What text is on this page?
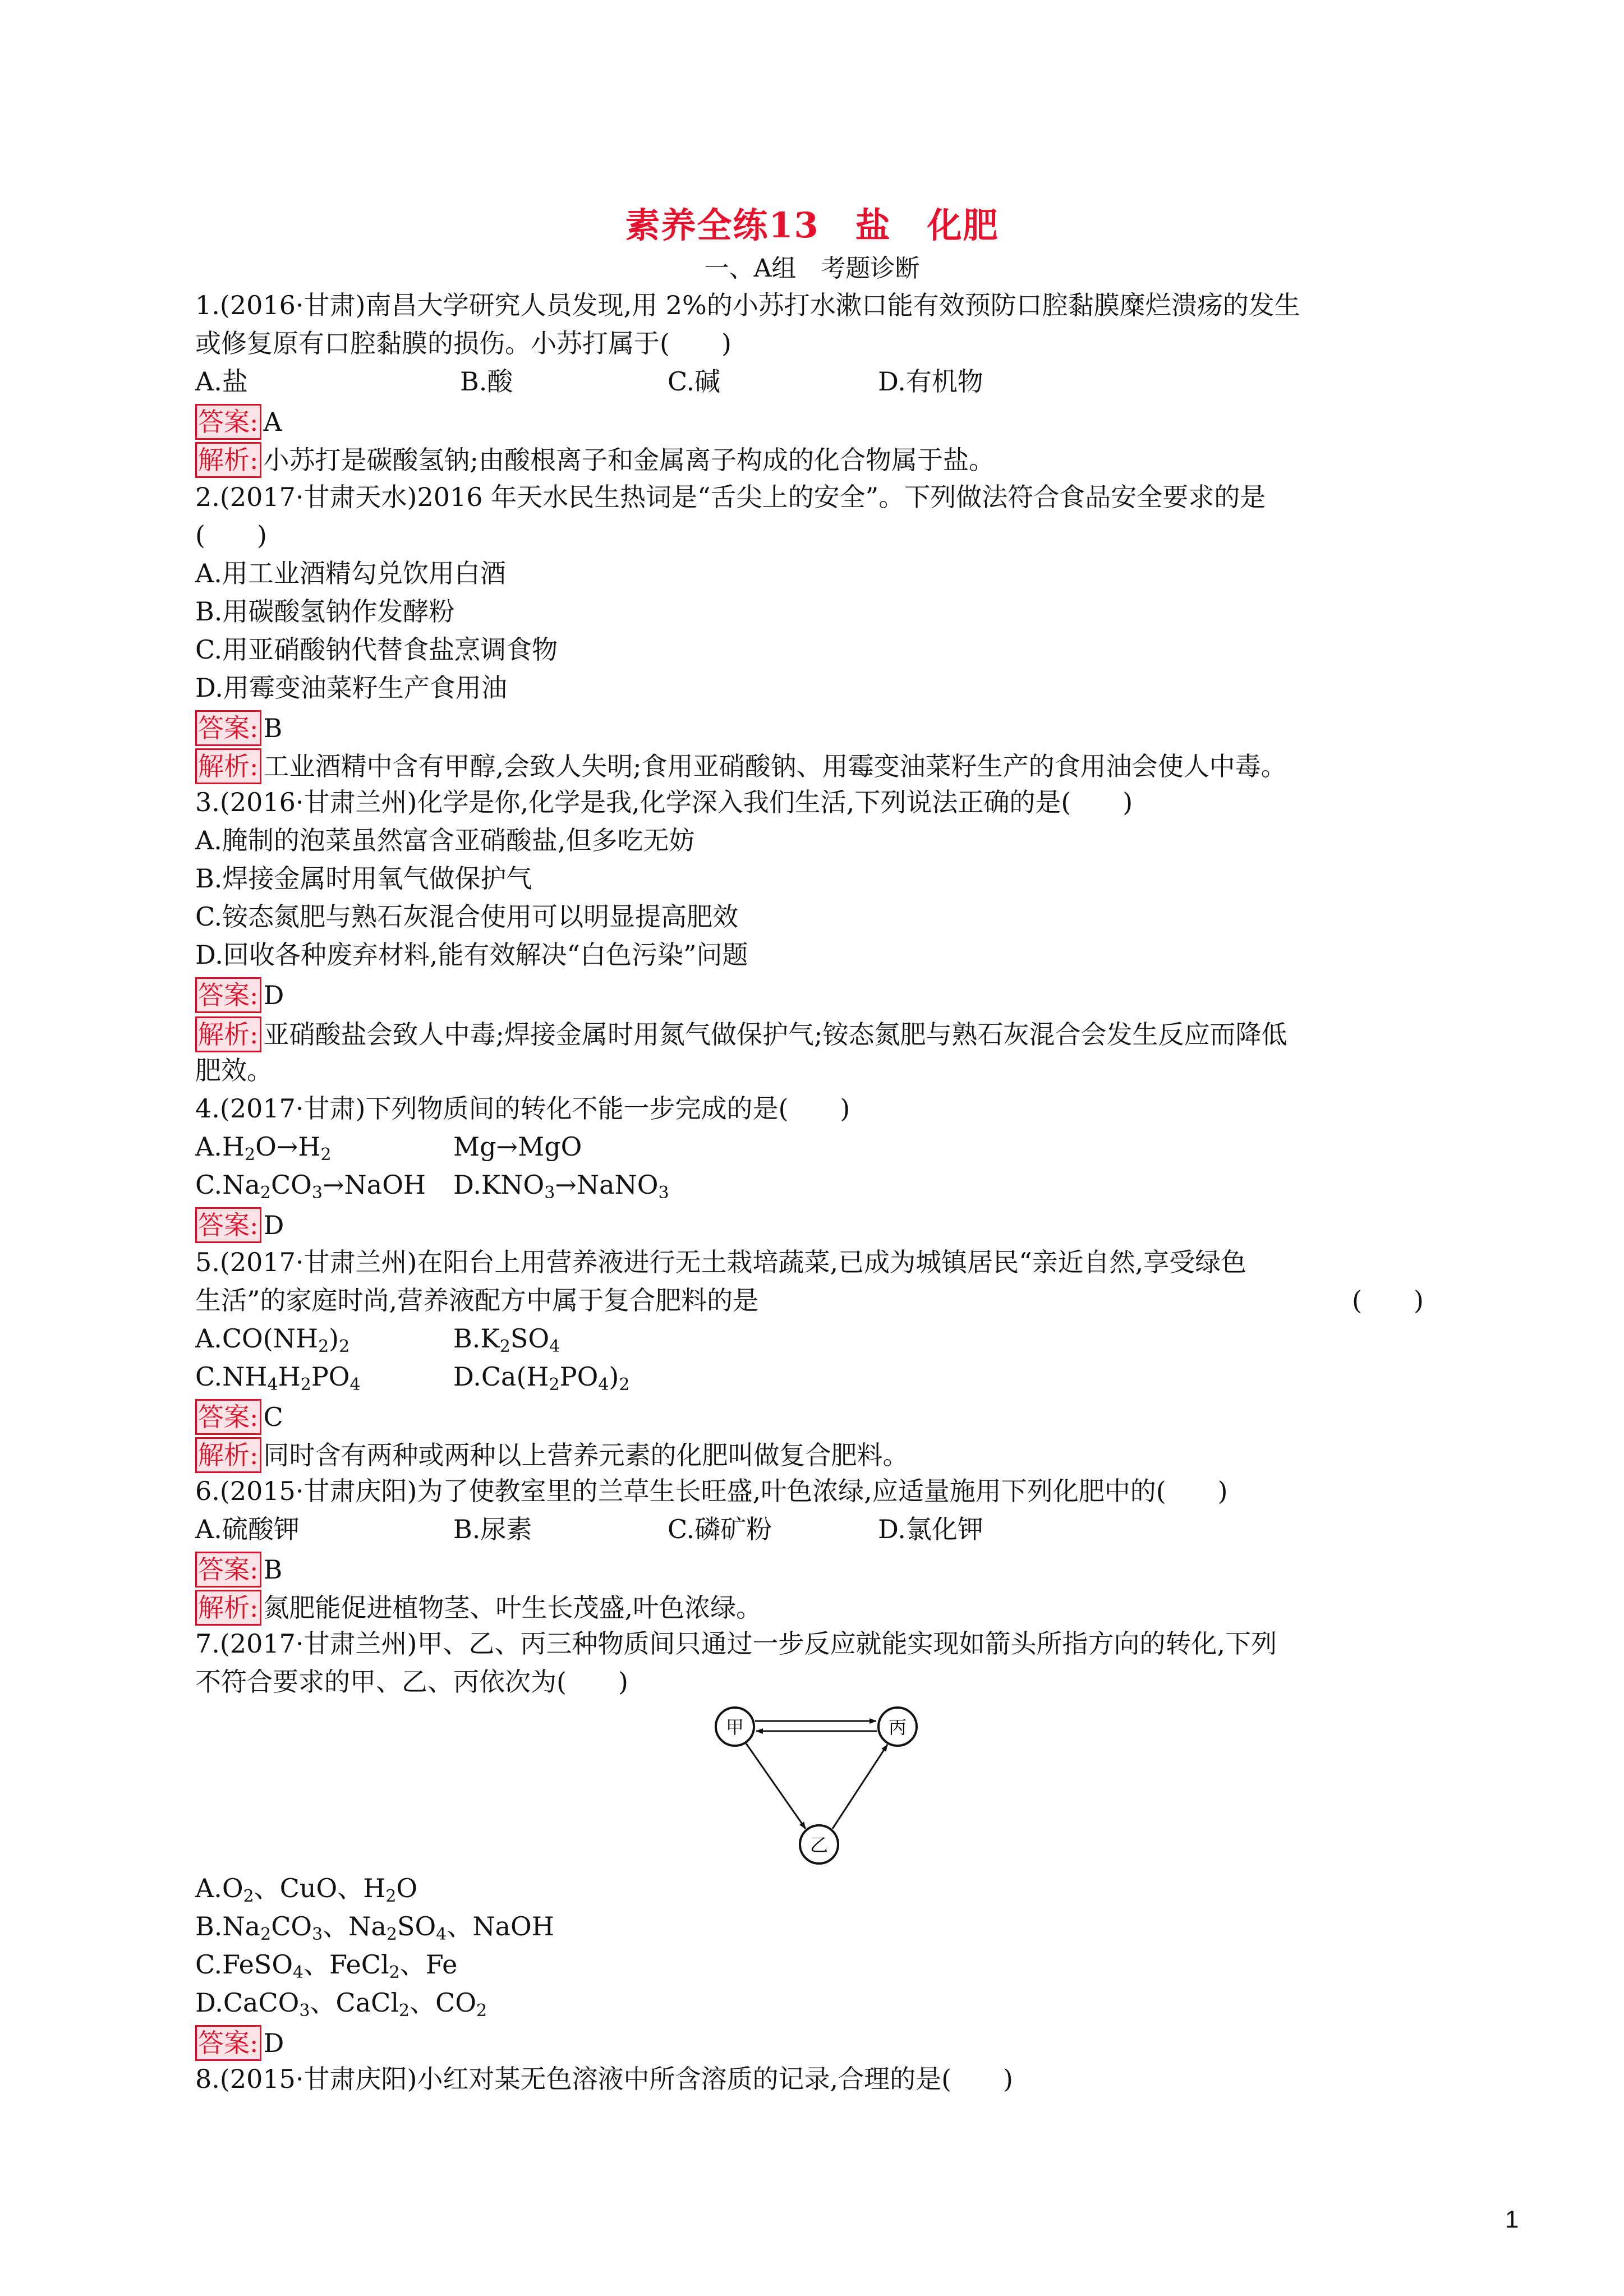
素养全练13　盐　化肥
一、A组　考题诊断
1.(2016·甘肃)南昌大学研究人员发现,用 2%的小苏打水漱口能有效预防口腔黏膜糜烂溃疡的发生
或修复原有口腔黏膜的损伤。小苏打属于(　　)
A.盐	B.酸	C.碱	D.有机物
答案: A
解析: 小苏打是碳酸氢钠;由酸根离子和金属离子构成的化合物属于盐。
2.(2017·甘肃天水)2016 年天水民生热词是“舌尖上的安全”。下列做法符合食品安全要求的是
(　　)
A.用工业酒精勾兑饮用白酒
B.用碳酸氢钠作发酵粉
C.用亚硝酸钠代替食盐烹调食物
D.用霉变油菜籽生产食用油
答案: B
解析: 工业酒精中含有甲醇,会致人失明;食用亚硝酸钠、用霉变油菜籽生产的食用油会使人中毒。
3.(2016·甘肃兰州)化学是你,化学是我,化学深入我们生活,下列说法正确的是(　　)
A.腌制的泡菜虽然富含亚硝酸盐,但多吃无妨
B.焊接金属时用氧气做保护气
C.铵态氮肥与熟石灰混合使用可以明显提高肥效
D.回收各种废弃材料,能有效解决“白色污染”问题
答案: D
解析: 亚硝酸盐会致人中毒;焊接金属时用氮气做保护气;铵态氮肥与熟石灰混合会发生反应而降低
肥效。
4.(2017·甘肃)下列物质间的转化不能一步完成的是(　　)
$A.H_2O\to H_2$	Mg→MgO
$C.Na_2CO_3\to NaOH$ $D.KNO_3\to NaNO_3$
答案: D
5.(2017·甘肃兰州)在阳台上用营养液进行无土栽培蔬菜,已成为城镇居民“亲近自然,享受绿色
生活”的家庭时尚,营养液配方中属于复合肥料的是	(　　)
$A.CO(NH_2)_2$	$B.K_2SO_4$
$C.NH_4H_2PO_4$	$D.Ca(H_2PO_4)_2$
答案: C
解析: 同时含有两种或两种以上营养元素的化肥叫做复合肥料。
6.(2015·甘肃庆阳)为了使教室里的兰草生长旺盛,叶色浓绿,应适量施用下列化肥中的(　　)
A.硫酸钾	B.尿素	C.磷矿粉	D.氯化钾
答案: B
解析: 氮肥能促进植物茎、叶生长茂盛,叶色浓绿。
7.(2017·甘肃兰州)甲、乙、丙三种物质间只通过一步反应就能实现如箭头所指方向的转化,下列
不符合要求的甲、乙、丙依次为(　　)
甲	丙
乙
$A.O_2$、CuO、$H_2O$
$B.Na_2CO_3$、$Na_2SO_4$、NaOH
C.FeSO$_4$、FeCl$_2$、Fe
D.CaCO$_3$、CaCl$_2$、$CO_2$
答案: D
8.(2015·甘肃庆阳)小红对某无色溶液中所含溶质的记录,合理的是(　　)
1
